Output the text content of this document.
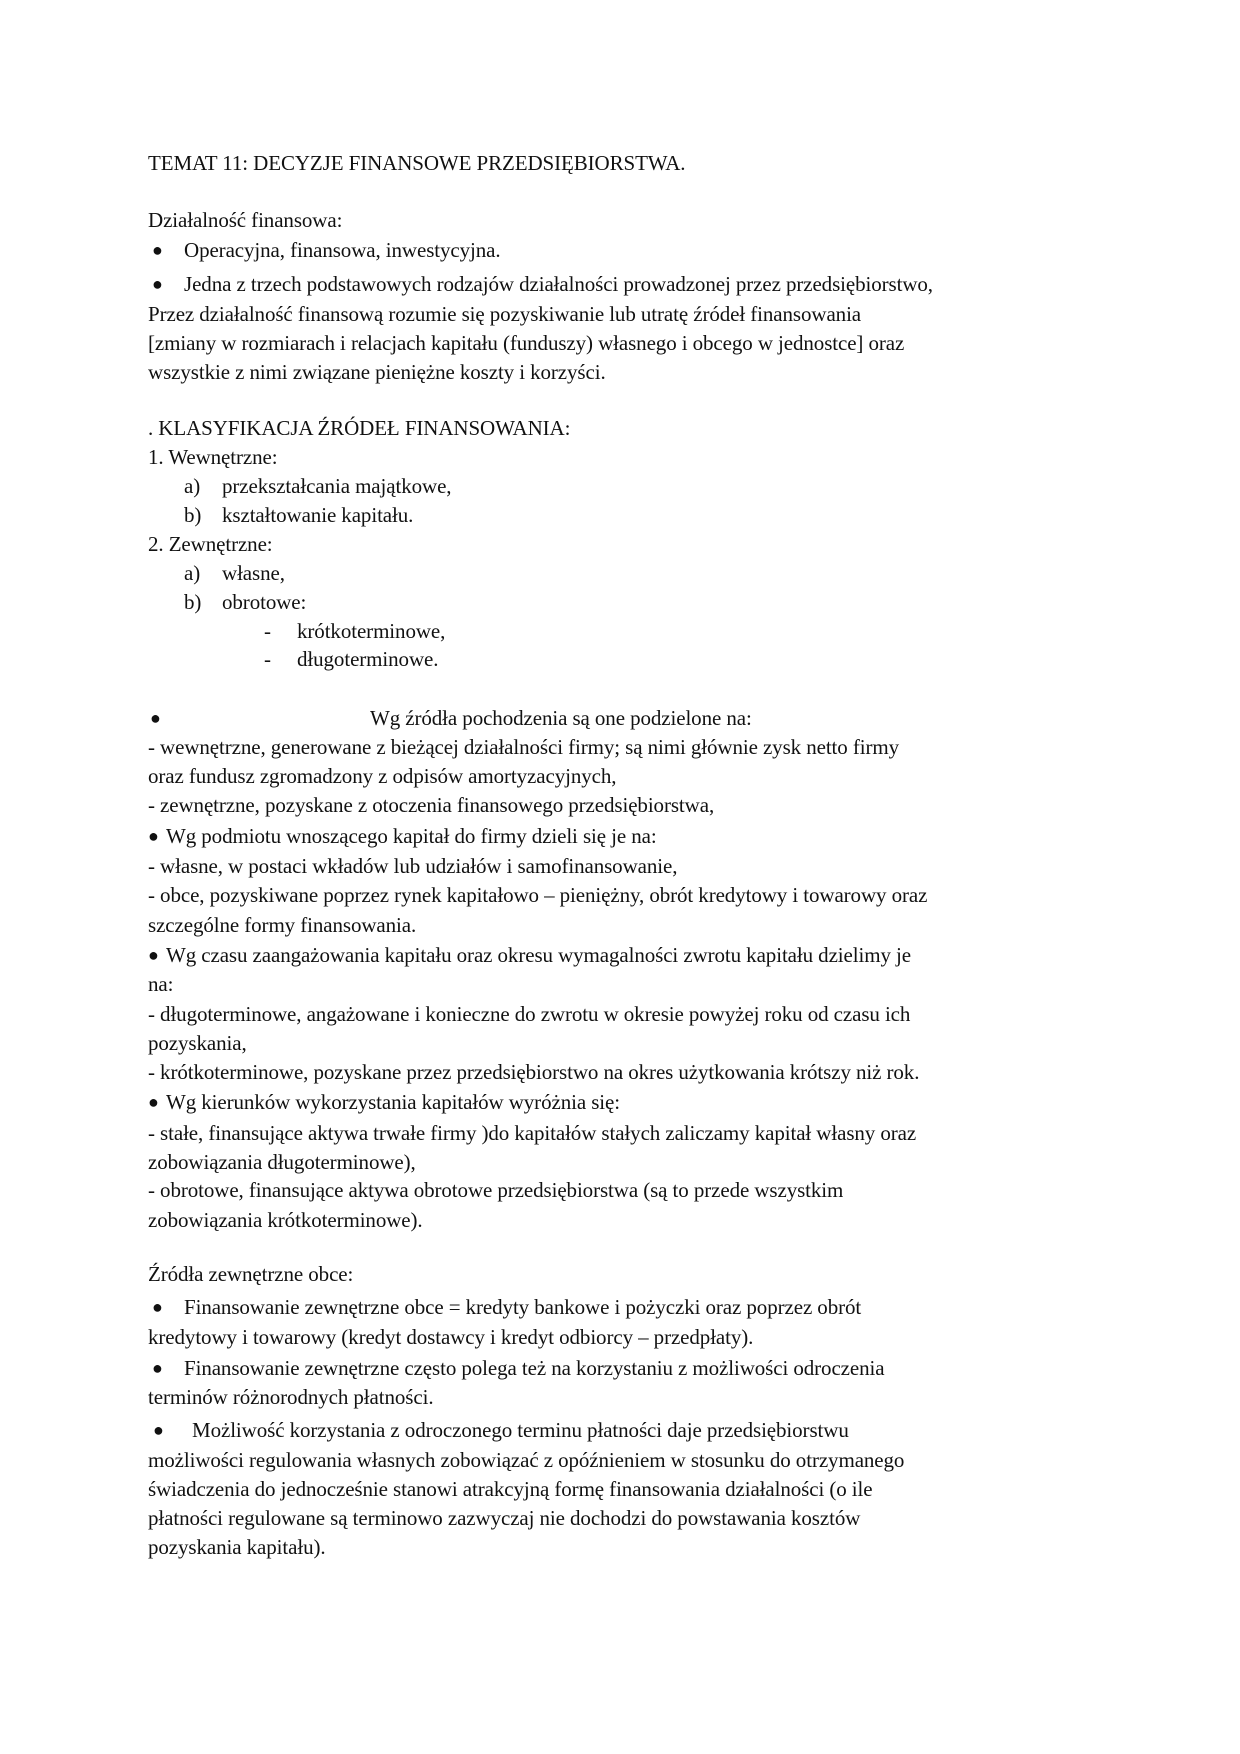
TEMAT 11: DECYZJE FINANSOWE PRZEDSIĘBIORSTWA.
Działalność finansowa:
● Operacyjna, finansowa, inwestycyjna.
● Jedna z trzech podstawowych rodzajów działalności prowadzonej przez przedsiębiorstwo,
Przez działalność finansową rozumie się pozyskiwanie lub utratę źródeł finansowania
[zmiany w rozmiarach i relacjach kapitału (funduszy) własnego i obcego w jednostce] oraz
wszystkie z nimi związane pieniężne koszty i korzyści.
. KLASYFIKACJA ŹRÓDEŁ FINANSOWANIA:
1. Wewnętrzne:
a) przekształcania majątkowe,
b) kształtowanie kapitału.
2. Zewnętrzne:
a) własne,
b) obrotowe:
- krótkoterminowe,
- długoterminowe.
●	Wg źródła pochodzenia są one podzielone na:
- wewnętrzne, generowane z bieżącej działalności firmy; są nimi głównie zysk netto firmy
oraz fundusz zgromadzony z odpisów amortyzacyjnych,
- zewnętrzne, pozyskane z otoczenia finansowego przedsiębiorstwa,
● Wg podmiotu wnoszącego kapitał do firmy dzieli się je na:
- własne, w postaci wkładów lub udziałów i samofinansowanie,
- obce, pozyskiwane poprzez rynek kapitałowo – pieniężny, obrót kredytowy i towarowy oraz
szczególne formy finansowania.
● Wg czasu zaangażowania kapitału oraz okresu wymagalności zwrotu kapitału dzielimy je
na:
- długoterminowe, angażowane i konieczne do zwrotu w okresie powyżej roku od czasu ich
pozyskania,
- krótkoterminowe, pozyskane przez przedsiębiorstwo na okres użytkowania krótszy niż rok.
● Wg kierunków wykorzystania kapitałów wyróżnia się:
- stałe, finansujące aktywa trwałe firmy )do kapitałów stałych zaliczamy kapitał własny oraz
zobowiązania długoterminowe),
- obrotowe, finansujące aktywa obrotowe przedsiębiorstwa (są to przede wszystkim
zobowiązania krótkoterminowe).
Źródła zewnętrzne obce:
● Finansowanie zewnętrzne obce = kredyty bankowe i pożyczki oraz poprzez obrót
kredytowy i towarowy (kredyt dostawcy i kredyt odbiorcy – przedpłaty).
● Finansowanie zewnętrzne często polega też na korzystaniu z możliwości odroczenia
terminów różnorodnych płatności.
● Możliwość korzystania z odroczonego terminu płatności daje przedsiębiorstwu
możliwości regulowania własnych zobowiązać z opóźnieniem w stosunku do otrzymanego
świadczenia do jednocześnie stanowi atrakcyjną formę finansowania działalności (o ile
płatności regulowane są terminowo zazwyczaj nie dochodzi do powstawania kosztów
pozyskania kapitału).
